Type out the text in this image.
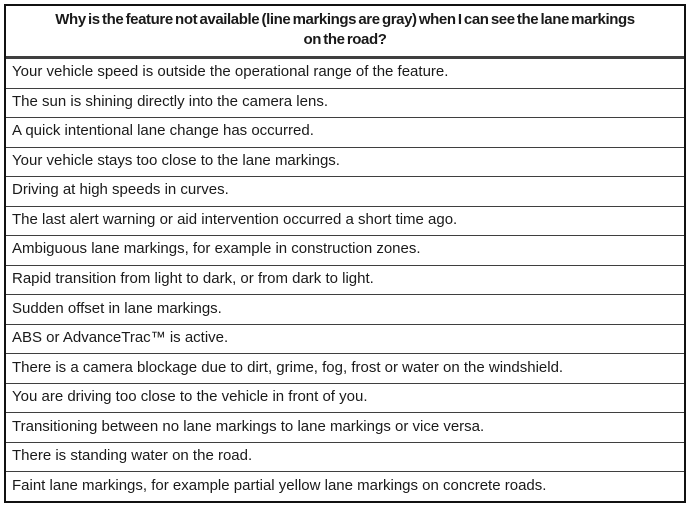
Why is the feature not available (line markings are gray) when I can see the lane markings
on the road?
Your vehicle speed is outside the operational range of the feature.
The sun is shining directly into the camera lens.
A quick intentional lane change has occurred.
Your vehicle stays too close to the lane markings.
Driving at high speeds in curves.
The last alert warning or aid intervention occurred a short time ago.
Ambiguous lane markings, for example in construction zones.
Rapid transition from light to dark, or from dark to light.
Sudden offset in lane markings.
ABS or AdvanceTrac™ is active.
There is a camera blockage due to dirt, grime, fog, frost or water on the windshield.
You are driving too close to the vehicle in front of you.
Transitioning between no lane markings to lane markings or vice versa.
There is standing water on the road.
Faint lane markings, for example partial yellow lane markings on concrete roads.
